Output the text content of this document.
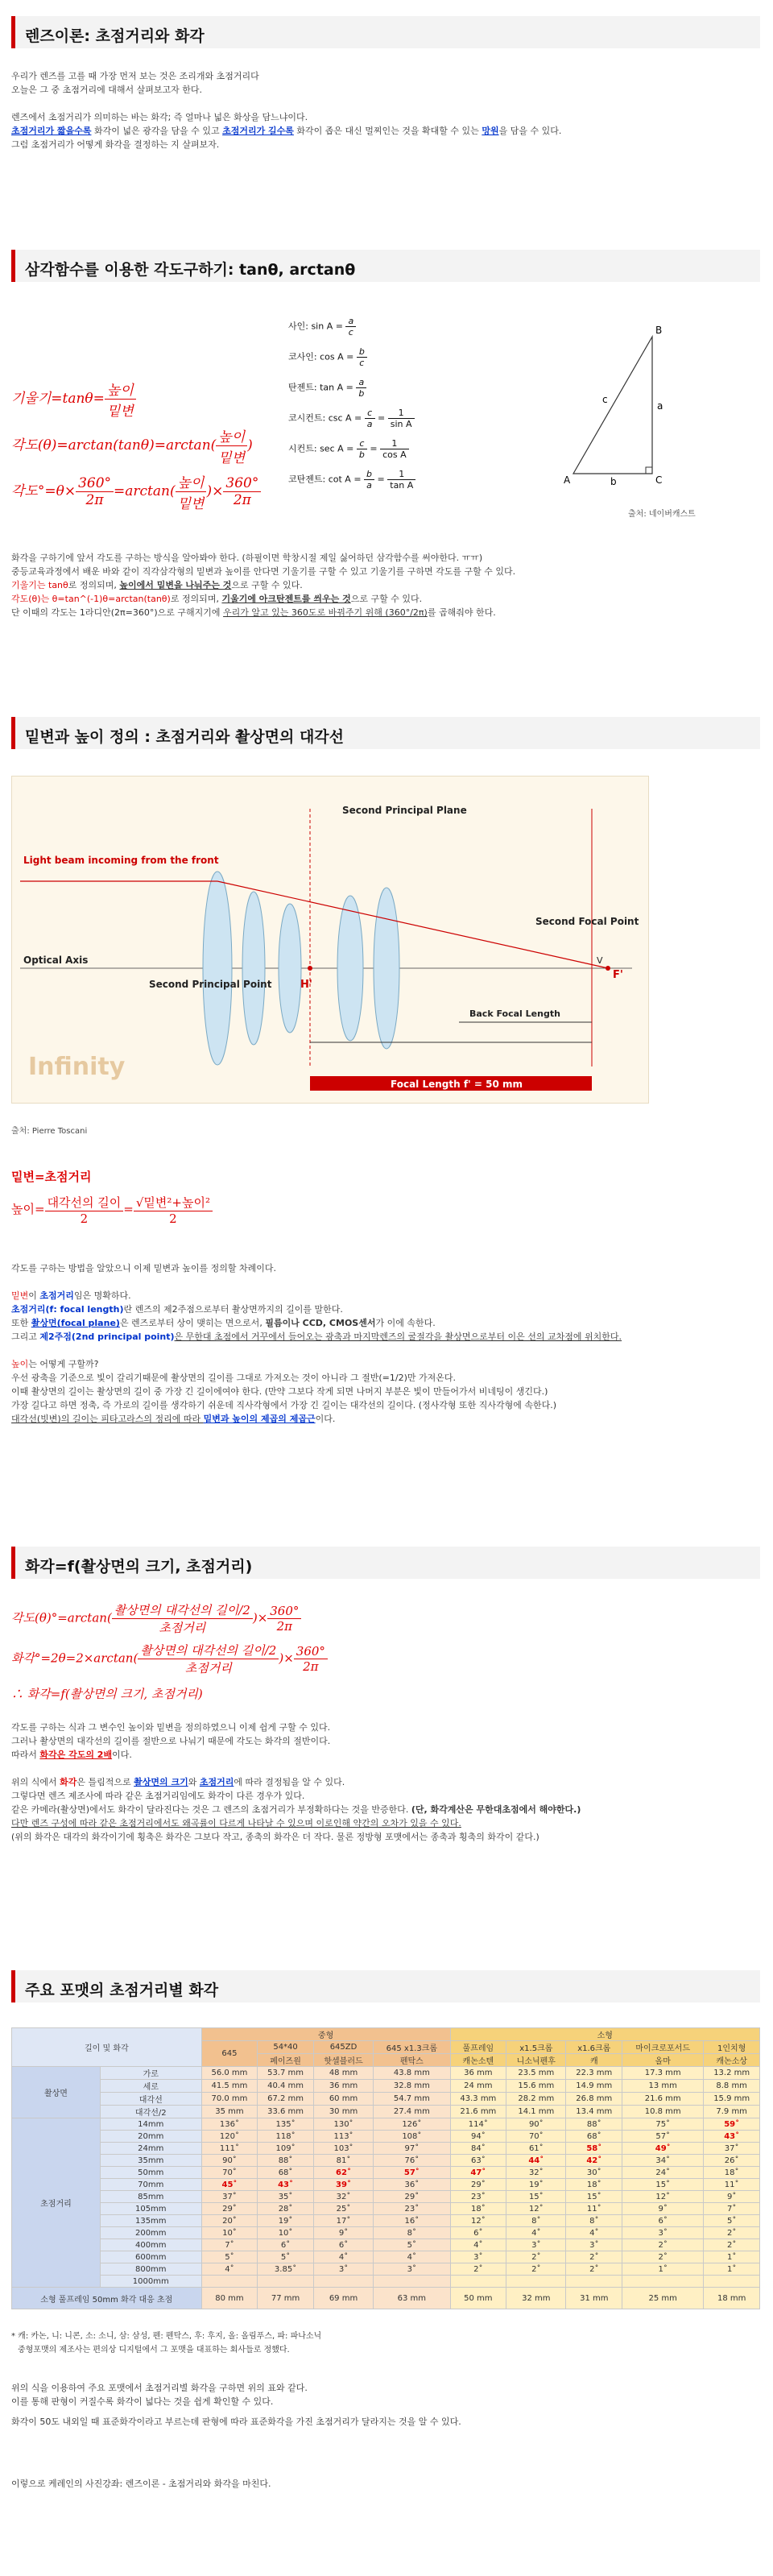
렌즈이론: 초점거리와 화각
우리가 렌즈를 고를 때 가장 먼저 보는 것은 조리개와 초점거리다
오늘은 그 중 초점거리에 대해서 살펴보고자 한다.
렌즈에서 초점거리가 의미하는 바는 화각; 즉 얼마나 넓은 화상을 담느냐이다.
초점거리가 짧을수록 화각이 넓은 광각을 담을 수 있고 초점거리가 길수록 화각이 좁은 대신 멀찌인는 것을 확대할 수 있는 망원을 담을 수 있다.
그럼 초점거리가 어떻게 화각을 결정하는 지 살펴보자.
삼각함수를 이용한 각도구하기: tanθ, arctanθ
기울기$=\tan\theta= \frac{\text{높이}}{\text{밑변}}$
각도$(\theta)=\arctan(\tan\theta)=\arctan( \frac{\text{높이}}{\text{밑변}}$ )
각도$^\circ=\theta\times \frac{360^\circ}{2\pi} =\arctan( \frac{\text{높이}}{\text{밑변}}$ )× $\frac{360^\circ}{2\pi}$
사인: $\sin A = \frac{a}{c}$
코사인: $\cos A = \frac{b}{c}$
탄젠트: $\tan A = \frac{a}{b}$
코시컨트: $\csc A = \frac{c}{a} = \frac{1}{\text{sin A}}$
시컨트: $\sec A = \frac{c}{b} = \frac{1}{\text{cos A}}$
코탄젠트: $\cot A = \frac{b}{a} = \frac{1}{\text{tan A}}$	A
B
C
a
b
c
출처: 네이버캐스트
화각을 구하기에 앞서 각도를 구하는 방식을 알아봐야 한다. (하필이면 학창시절 제일 싫어하던 삼각함수를 써야한다. ㅠㅠ)
중등교육과정에서 배운 바와 같이 직각삼각형의 밑변과 높이를 안다면 기울기를 구할 수 있고 기울기를 구하면 각도를 구할 수 있다.
기울기는 tanθ로 정의되며, 높이에서 밑변을 나눠주는 것으로 구할 수 있다.
각도(θ)는 θ=tan^(-1)θ=arctan(tanθ)로 정의되며, 기울기에 아크탄젠트를 씌우는 것으로 구할 수 있다.
단 이때의 각도는 1라디안(2π=360°)으로 구해지기에 우리가 알고 있는 360도로 바꿔주기 위해 (360°/2π)를 곱해줘야 한다.
밑변과 높이 정의 : 초점거리와 촬상면의 대각선
Light beam incoming from the front
Second Principal Plane
Second Focal Point
Optical Axis
Second Principal Point	H'
V
F'
Infinity
Back Focal Length
Focal Length f' = 50 mm
출처: Pierre Toscani
밑변=초점거리
높이= $\frac{\text{대각선의 길이}}{2} = \frac{\text{√밑변²+높이²}}{2}$
각도를 구하는 방법을 알았으니 이제 밑변과 높이를 정의할 차례이다.
밑변이 초점거리임은 명확하다.
초점거리(f: focal length)란 렌즈의 제2주점으로부터 촬상면까지의 길이를 말한다.
또한 촬상면(focal plane)은 렌즈로부터 상이 맺히는 면으로서, 필름이나 CCD, CMOS센서가 이에 속한다.
그리고 제2주점(2nd principal point)은 무한대 초점에서 거꾸에서 들어오는 광축과 마지막렌즈의 굴절각을 촬상면으로부터 이은 선의 교차점에 위치한다.
높이는 어떻게 구할까?
우선 광축을 기준으로 빛이 갈리기때문에 촬상면의 길이를 그대로 가져오는 것이 아니라 그 절반(=1/2)만 가져온다.
이때 촬상면의 길이는 촬상면의 길이 중 가장 긴 길이에여야 한다. (만약 그보다 작게 되면 나머지 부분은 빛이 만들어가서 비네팅이 생긴다.)
가장 길다고 하면 정축, 즉 가로의 길이를 생각하기 쉬운데 직사각형에서 가장 긴 길이는 대각선의 길이다. (정사각형 또한 직사각형에 속한다.)
대각선(빗변)의 길이는 피타고라스의 정리에 따라 밑변과 높이의 제곱의 제곱근이다.
화각=f(촬상면의 크기, 초점거리)
각도$(\theta)^\circ=\arctan( \frac{\text{촬상면의 대각선의 길이/2}}{\text{초점거리}}$ )× $\frac{360^\circ}{2\pi}$
화각$^\circ=2\theta=2\times\arctan( \frac{\text{촬상면의 대각선의 길이/2}}{\text{초점거리}}$ )× $\frac{360^\circ}{2\pi}$
∴ 화각=f(촬상면의 크기, 초점거리)
각도를 구하는 식과 그 변수인 높이와 밑변을 정의하였으니 이제 쉽게 구할 수 있다.
그러나 촬상면의 대각선의 길이를 절반으로 나눠기 때문에 각도는 화각의 절반이다.
따라서 화각은 각도의 2배이다.
위의 식에서 화각은 틀림적으로 촬상면의 크기와 초점거리에 따라 결정됨을 알 수 있다.
그렇다면 렌즈 제조사에 따라 같은 초점거리임에도 화각이 다른 경우가 있다.
같은 카메라(촬상면)에서도 화각이 달라진다는 것은 그 렌즈의 초점거리가 부정확하다는 것을 반증한다. (단, 화각계산은 무한대초점에서 해야한다.)
다만 렌즈 구성에 따라 같은 초점거리에서도 왜곡률이 다르게 나타날 수 있으며 이로인해 약간의 오차가 있을 수 있다.
(위의 화각은 대각의 화각이기에 횡축은 화각은 그보다 작고, 종축의 화각은 더 작다. 물론 정방형 포맷에서는 종축과 횡축의 화각이 같다.)
주요 포맷의 초점거리별 화각
길이 및 화각		중형				소형				
		645	54*40	645ZD	645 x1.3크롭	풀프레임	x1.5크롭	x1.6크롭	마이크로포서드	1인치형
			페이즈원	핫셀블러드	펜탁스	캐논소텐	니소닉펜후	캐	올마	캐논소상
촬상면	가로	56.0 mm	53.7 mm	48 mm	43.8 mm	36 mm	23.5 mm	22.3 mm	17.3 mm	13.2 mm
	세로	41.5 mm	40.4 mm	36 mm	32.8 mm	24 mm	15.6 mm	14.9 mm	13 mm	8.8 mm
	대각선	70.0 mm	67.2 mm	60 mm	54.7 mm	43.3 mm	28.2 mm	26.8 mm	21.6 mm	15.9 mm
	대각선/2	35 mm	33.6 mm	30 mm	27.4 mm	21.6 mm	14.1 mm	13.4 mm	10.8 mm	7.9 mm
초점거리	14mm	136˚	135˚	130˚	126˚	114˚	90˚	88˚	75˚	59˚
	20mm	120˚	118˚	113˚	108˚	94˚	70˚	68˚	57˚	43˚
	24mm	111˚	109˚	103˚	97˚	84˚	61˚	58˚	49˚	37˚
	35mm	90˚	88˚	81˚	76˚	63˚	44˚	42˚	34˚	26˚
	50mm	70˚	68˚	62˚	57˚	47˚	32˚	30˚	24˚	18˚
	70mm	45˚	43˚	39˚	36˚	29˚	19˚	18˚	15˚	11˚
	85mm	37˚	35˚	32˚	29˚	23˚	15˚	15˚	12˚	9˚
	105mm	29˚	28˚	25˚	23˚	18˚	12˚	11˚	9˚	7˚
	135mm	20˚	19˚	17˚	16˚	12˚	8˚	8˚	6˚	5˚
	200mm	10˚	10˚	9˚	8˚	6˚	4˚	4˚	3˚	2˚
	400mm	7˚	6˚	6˚	5˚	4˚	3˚	3˚	2˚	2˚
	600mm	5˚	5˚	4˚	4˚	3˚	2˚	2˚	2˚	1˚
	800mm	4˚	3.85˚	3˚	3˚	2˚	2˚	2˚	1˚	1˚
	1000mm									
소형 풀프레임 50mm 화각 대응 초점		80 mm	77 mm	69 mm	63 mm	50 mm	32 mm	31 mm	25 mm	18 mm
* 캐: 카논, 니: 니콘, 소: 소니, 삼: 삼성, 펜: 펜탁스, 후: 후지, 올: 올림푸스, 파: 파나소닉
중형포맷의 제조사는 편의상 디지털에서 그 포맷을 대표하는 회사들로 정했다.
위의 식을 이용하여 주요 포맷에서 초점거리별 화각을 구하면 위의 표와 같다.
이를 통해 판형이 커질수록 화각이 넓다는 것을 쉽게 확인할 수 있다.
화각이 50도 내외일 때 표준화각이라고 부르는데 판형에 따라 표준화각을 가진 초점거리가 달라지는 것을 알 수 있다.
이렇으로 케레인의 사진강좌: 렌즈이론 - 초점거리와 화각을 마친다.
